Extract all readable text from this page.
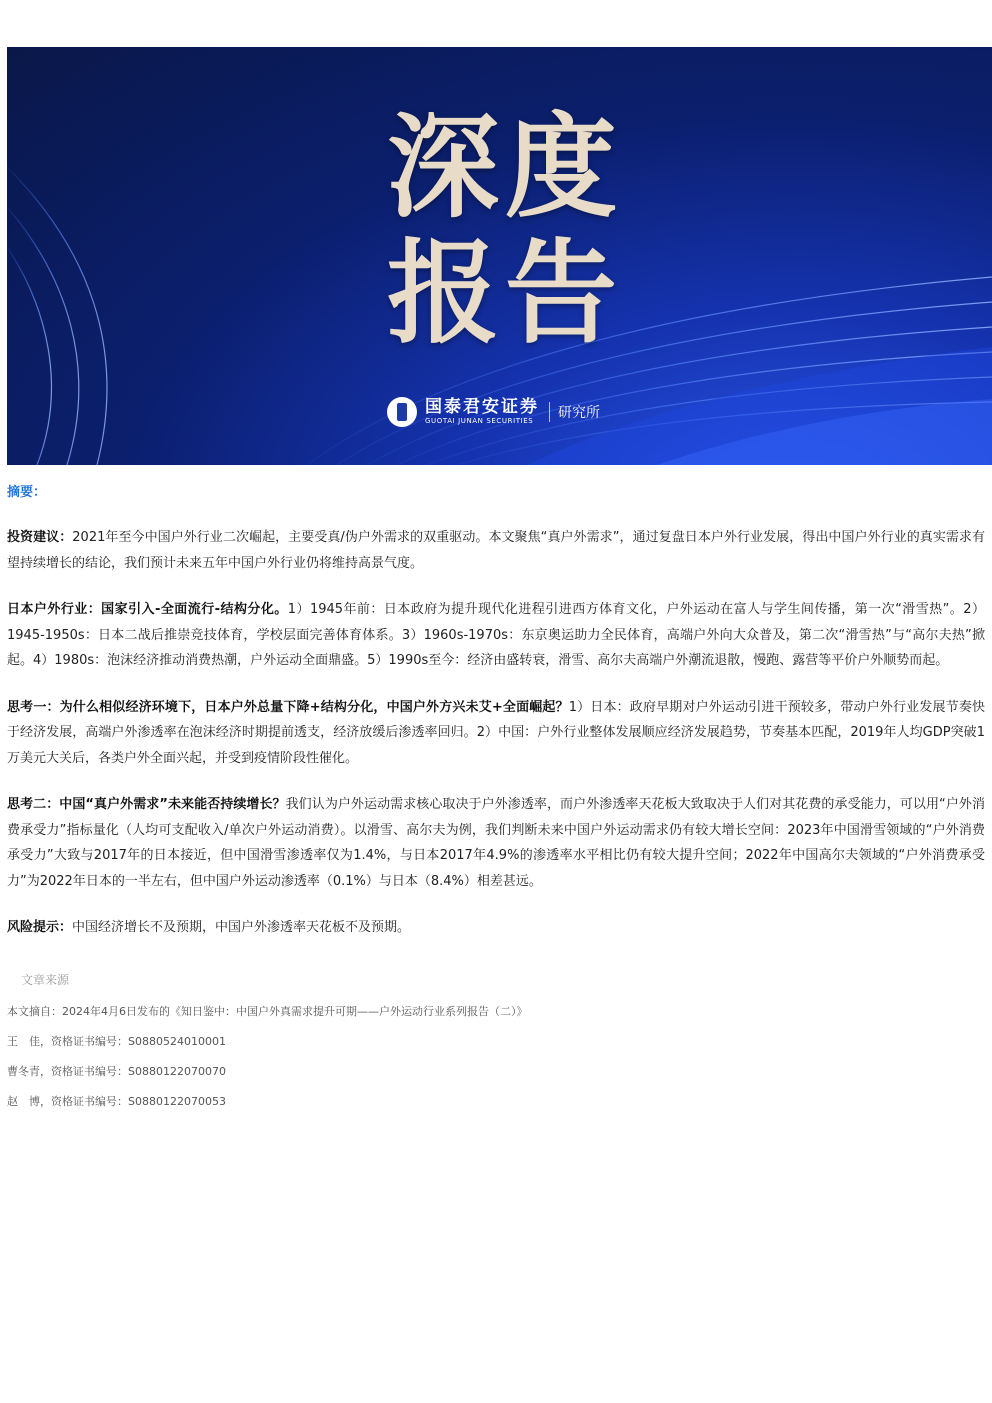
深度
报告
国泰君安证券
GUOTAI JUNAN SECURITIES	研究所
摘要：

投资建议：2021年至今中国户外行业二次崛起，主要受真/伪户外需求的双重驱动。本文聚焦“真户外需求”，通过复盘日本户外行业发展，得出中国户外行业的真实需求有望持续增长的结论，我们预计未来五年中国户外行业仍将维持高景气度。

日本户外行业：国家引入-全面流行-结构分化。1）1945年前：日本政府为提升现代化进程引进西方体育文化，户外运动在富人与学生间传播，第一次“滑雪热”。2）1945-1950s：日本二战后推崇竞技体育，学校层面完善体育体系。3）1960s-1970s：东京奥运助力全民体育，高端户外向大众普及，第二次“滑雪热”与“高尔夫热”掀起。4）1980s：泡沫经济推动消费热潮，户外运动全面鼎盛。5）1990s至今：经济由盛转衰，滑雪、高尔夫高端户外潮流退散，慢跑、露营等平价户外顺势而起。

思考一：为什么相似经济环境下，日本户外总量下降+结构分化，中国户外方兴未艾+全面崛起？1）日本：政府早期对户外运动引进干预较多，带动户外行业发展节奏快于经济发展，高端户外渗透率在泡沫经济时期提前透支，经济放缓后渗透率回归。2）中国：户外行业整体发展顺应经济发展趋势，节奏基本匹配，2019年人均GDP突破1万美元大关后，各类户外全面兴起，并受到疫情阶段性催化。

思考二：中国“真户外需求”未来能否持续增长？我们认为户外运动需求核心取决于户外渗透率，而户外渗透率天花板大致取决于人们对其花费的承受能力，可以用“户外消费承受力”指标量化（人均可支配收入/单次户外运动消费）。以滑雪、高尔夫为例，我们判断未来中国户外运动需求仍有较大增长空间：2023年中国滑雪领域的“户外消费承受力”大致与2017年的日本接近，但中国滑雪渗透率仅为1.4%，与日本2017年4.9%的渗透率水平相比仍有较大提升空间；2022年中国高尔夫领域的“户外消费承受力”为2022年日本的一半左右，但中国户外运动渗透率（0.1%）与日本（8.4%）相差甚远。

风险提示：中国经济增长不及预期，中国户外渗透率天花板不及预期。

文章来源
本文摘自：2024年4月6日发布的《知日鉴中：中国户外真需求提升可期——户外运动行业系列报告（二）》
王　佳，资格证书编号：S0880524010001
曹冬青，资格证书编号：S0880122070070
赵　博，资格证书编号：S0880122070053
